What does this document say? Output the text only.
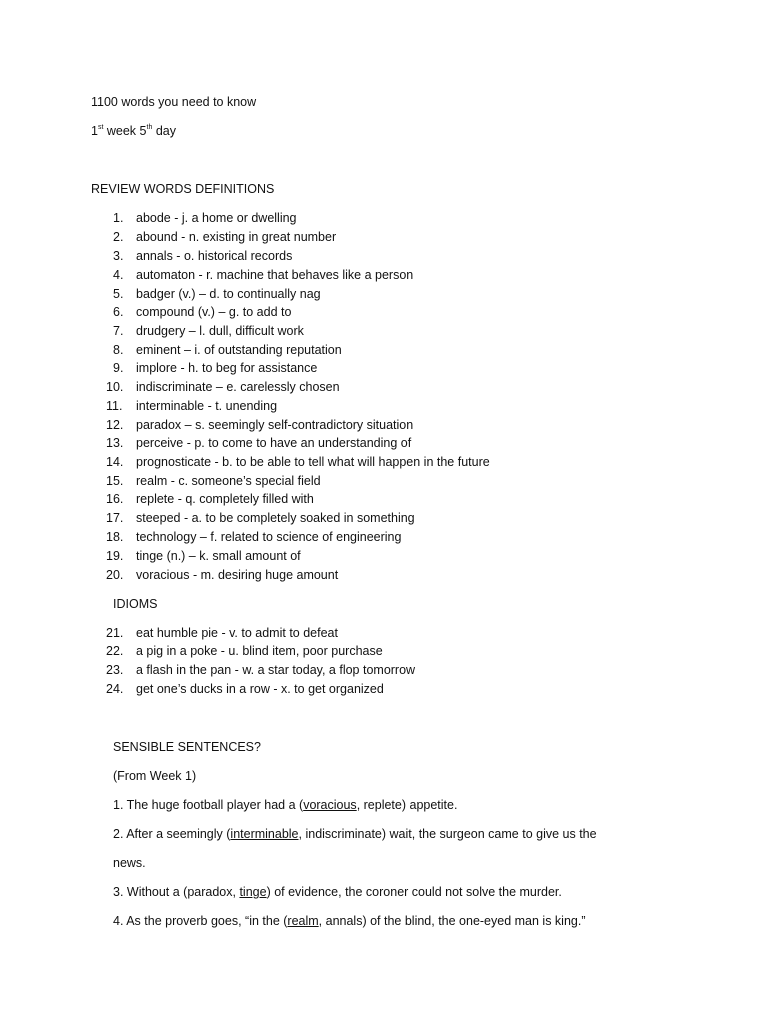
1100 words you need to know
1st week 5th day
REVIEW WORDS DEFINITIONS
1. abode - j. a home or dwelling
2. abound - n. existing in great number
3. annals - o. historical records
4. automaton - r. machine that behaves like a person
5. badger (v.) – d. to continually nag
6. compound (v.) – g. to add to
7. drudgery – l. dull, difficult work
8. eminent – i. of outstanding reputation
9. implore - h. to beg for assistance
10. indiscriminate – e. carelessly chosen
11. interminable - t. unending
12. paradox – s. seemingly self-contradictory situation
13. perceive - p. to come to have an understanding of
14. prognosticate - b. to be able to tell what will happen in the future
15. realm - c. someone’s special field
16. replete - q. completely filled with
17. steeped - a. to be completely soaked in something
18. technology – f. related to science of engineering
19. tinge (n.) – k. small amount of
20. voracious - m. desiring huge amount
IDIOMS
21. eat humble pie - v. to admit to defeat
22. a pig in a poke - u. blind item, poor purchase
23. a flash in the pan - w. a star today, a flop tomorrow
24. get one’s ducks in a row - x. to get organized
SENSIBLE SENTENCES?
(From Week 1)
1. The huge football player had a (voracious, replete) appetite.
2. After a seemingly (interminable, indiscriminate) wait, the surgeon came to give us the
news.
3. Without a (paradox, tinge) of evidence, the coroner could not solve the murder.
4. As the proverb goes, “in the (realm, annals) of the blind, the one-eyed man is king.”
